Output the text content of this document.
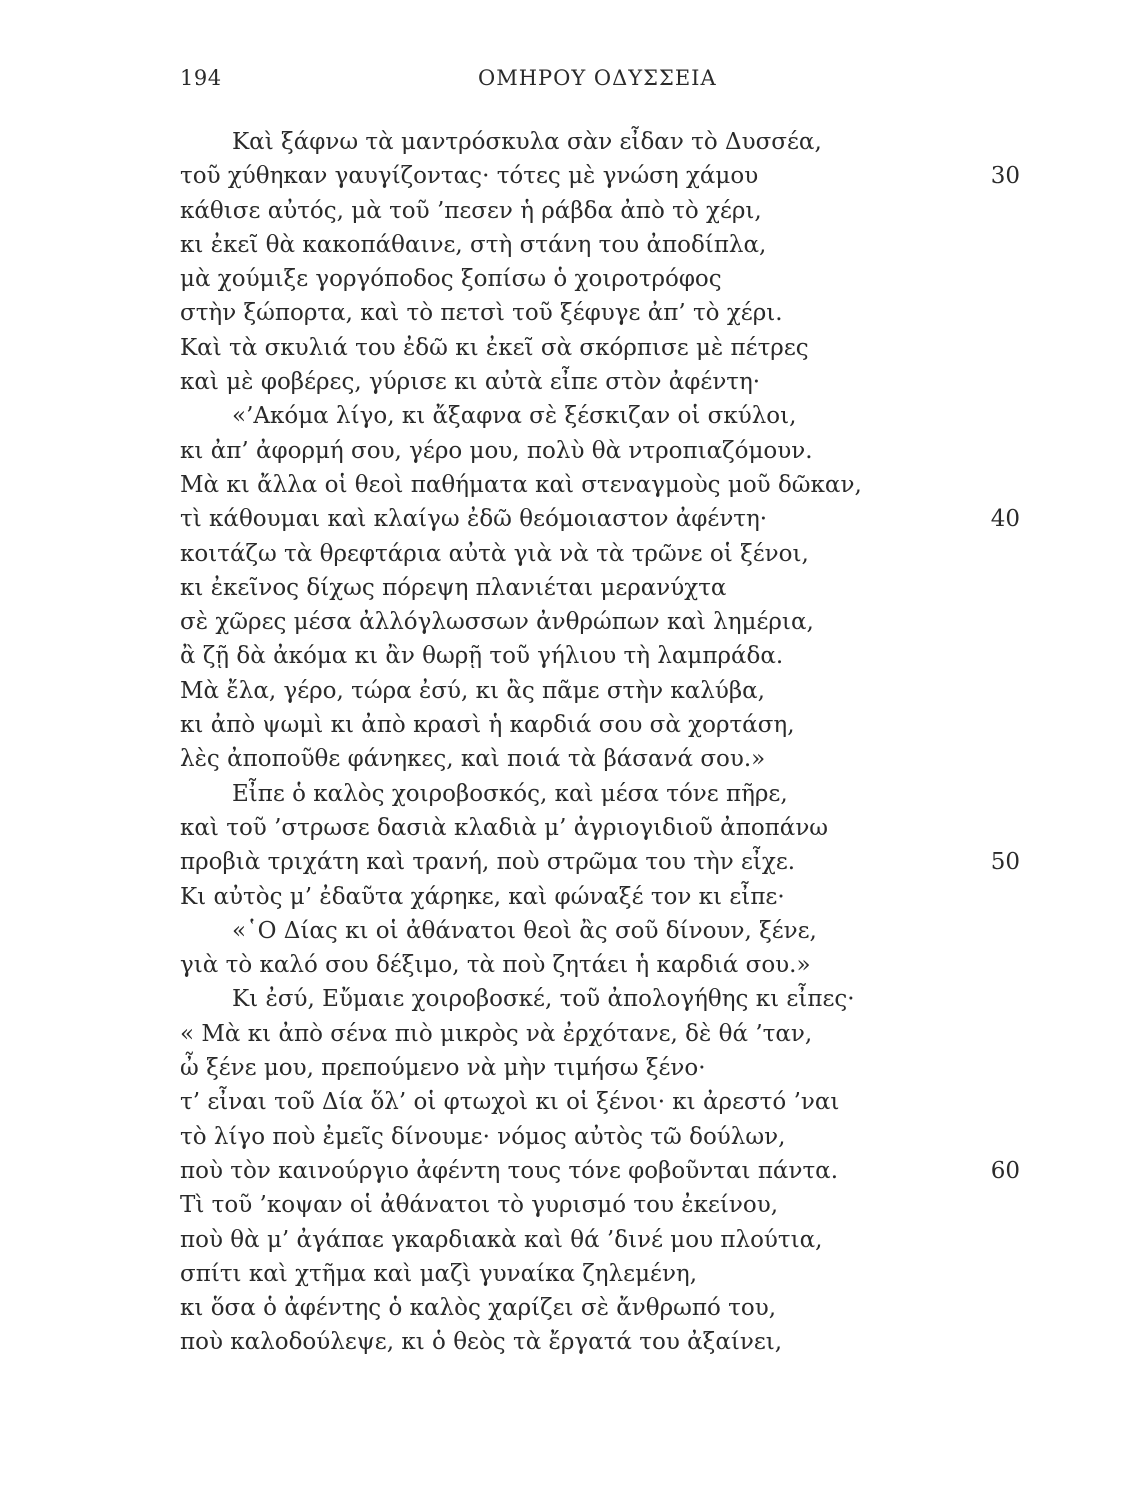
194	ΟΜΗΡΟΥ ΟΔΥΣΣΕΙΑ
Καὶ ξάφνω τὰ μαντρόσκυλα σὰν εἶδαν τὸ Δυσσέα,
τοῦ χύθηκαν γαυγίζοντας· τότες μὲ γνώση χάμου	30
κάθισε αὐτός, μὰ τοῦ ’πεσεν ἡ ράβδα ἀπὸ τὸ χέρι,
κι ἐκεῖ θὰ κακοπάθαινε, στὴ στάνη του ἀποδίπλα,
μὰ χούμιξε γοργόποδος ξοπίσω ὁ χοιροτρόφος
στὴν ξώπορτα, καὶ τὸ πετσὶ τοῦ ξέφυγε ἀπ’ τὸ χέρι.
Καὶ τὰ σκυλιά του ἐδῶ κι ἐκεῖ σὰ σκόρπισε μὲ πέτρες
καὶ μὲ φοβέρες, γύρισε κι αὐτὰ εἶπε στὸν ἀφέντη·
«’Ακόμα λίγο, κι ἄξαφνα σὲ ξέσκιζαν οἱ σκύλοι,
κι ἀπ’ ἀφορμή σου, γέρο μου, πολὺ θὰ ντροπιαζόμουν.
Μὰ κι ἄλλα οἱ θεοὶ παθήματα καὶ στεναγμοὺς μοῦ δῶκαν,
τὶ κάθουμαι καὶ κλαίγω ἐδῶ θεόμοιαστον ἀφέντη·	40
κοιτάζω τὰ θρεφτάρια αὐτὰ γιὰ νὰ τὰ τρῶνε οἱ ξένοι,
κι ἐκεῖνος δίχως πόρεψη πλανιέται μερανύχτα
σὲ χῶρες μέσα ἀλλόγλωσσων ἀνθρώπων καὶ λημέρια,
ἂ ζῇ δὰ ἀκόμα κι ἂν θωρῇ τοῦ γήλιου τὴ λαμπράδα.
Μὰ ἔλα, γέρο, τώρα ἐσύ, κι ἂς πᾶμε στὴν καλύβα,
κι ἀπὸ ψωμὶ κι ἀπὸ κρασὶ ἡ καρδιά σου σὰ χορτάση,
λὲς ἀποποῦθε φάνηκες, καὶ ποιά τὰ βάσανά σου.»
Εἶπε ὁ καλὸς χοιροβοσκός, καὶ μέσα τόνε πῆρε,
καὶ τοῦ ’στρωσε δασιὰ κλαδιὰ μ’ ἀγριογιδιοῦ ἀποπάνω
προβιὰ τριχάτη καὶ τρανή, ποὺ στρῶμα του τὴν εἶχε.	50
Κι αὐτὸς μ’ ἐδαῦτα χάρηκε, καὶ φώναξέ τον κι εἶπε·
«῾Ο Δίας κι οἱ ἀθάνατοι θεοὶ ἂς σοῦ δίνουν, ξένε,
γιὰ τὸ καλό σου δέξιμο, τὰ ποὺ ζητάει ἡ καρδιά σου.»
Κι ἐσύ, Εὔμαιε χοιροβοσκέ, τοῦ ἀπολογήθης κι εἶπες·
« Μὰ κι ἀπὸ σένα πιὸ μικρὸς νὰ ἐρχότανε, δὲ θά ’ταν,
ὦ ξένε μου, πρεπούμενο νὰ μὴν τιμήσω ξένο·
τ’ εἶναι τοῦ Δία ὅλ’ οἱ φτωχοὶ κι οἱ ξένοι· κι ἀρεστό ’ναι
τὸ λίγο ποὺ ἐμεῖς δίνουμε· νόμος αὐτὸς τῶ δούλων,
ποὺ τὸν καινούργιο ἀφέντη τους τόνε φοβοῦνται πάντα.	60
Τὶ τοῦ ’κοψαν οἱ ἀθάνατοι τὸ γυρισμό του ἐκείνου,
ποὺ θὰ μ’ ἀγάπαε γκαρδιακὰ καὶ θά ’δινέ μου πλούτια,
σπίτι καὶ χτῆμα καὶ μαζὶ γυναίκα ζηλεμένη,
κι ὅσα ὁ ἀφέντης ὁ καλὸς χαρίζει σὲ ἄνθρωπό του,
ποὺ καλοδούλεψε, κι ὁ θεὸς τὰ ἔργατά του ἀξαίνει,
